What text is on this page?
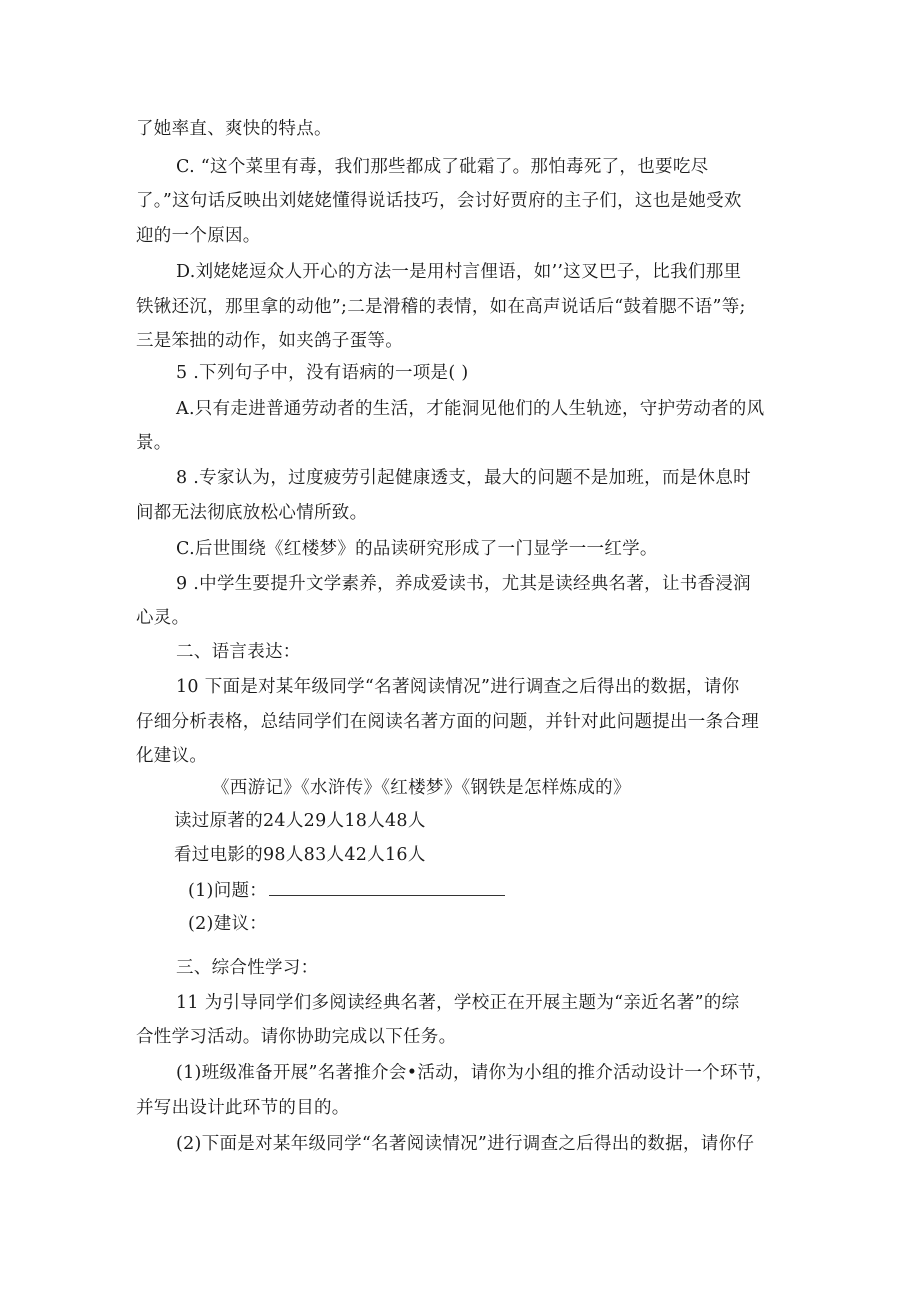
了她率直、爽快的特点。
C. “这个菜里有毒，我们那些都成了砒霜了。那怕毒死了，也要吃尽
了。”这句话反映出刘姥姥懂得说话技巧，会讨好贾府的主子们，这也是她受欢
迎的一个原因。
D.刘姥姥逗众人开心的方法一是用村言俚语，如’’这叉巴子，比我们那里
铁锹还沉，那里拿的动他”;二是滑稽的表情，如在高声说话后“鼓着腮不语”等;
三是笨拙的动作，如夹鸽子蛋等。
5 .下列句子中，没有语病的一项是( )
A.只有走进普通劳动者的生活，才能洞见他们的人生轨迹，守护劳动者的风
景。
8 .专家认为，过度疲劳引起健康透支，最大的问题不是加班，而是休息时
间都无法彻底放松心情所致。
C.后世围绕《红楼梦》的品读研究形成了一门显学一一红学。
9 .中学生要提升文学素养，养成爱读书，尤其是读经典名著，让书香浸润
心灵。
二、语言表达：
10 下面是对某年级同学“名著阅读情况”进行调查之后得出的数据，请你
仔细分析表格，总结同学们在阅读名著方面的问题，并针对此问题提出一条合理
化建议。
《西游记》《水浒传》《红楼梦》《钢铁是怎样炼成的》
读过原著的24人29人18人48人
看过电影的98人83人42人16人
(1)问题：
(2)建议：
三、综合性学习：
11 为引导同学们多阅读经典名著，学校正在开展主题为“亲近名著”的综
合性学习活动。请你协助完成以下任务。
(1)班级准备开展”名著推介会•活动，请你为小组的推介活动设计一个环节，
并写出设计此环节的目的。
(2)下面是对某年级同学“名著阅读情况”进行调查之后得出的数据，请你仔
